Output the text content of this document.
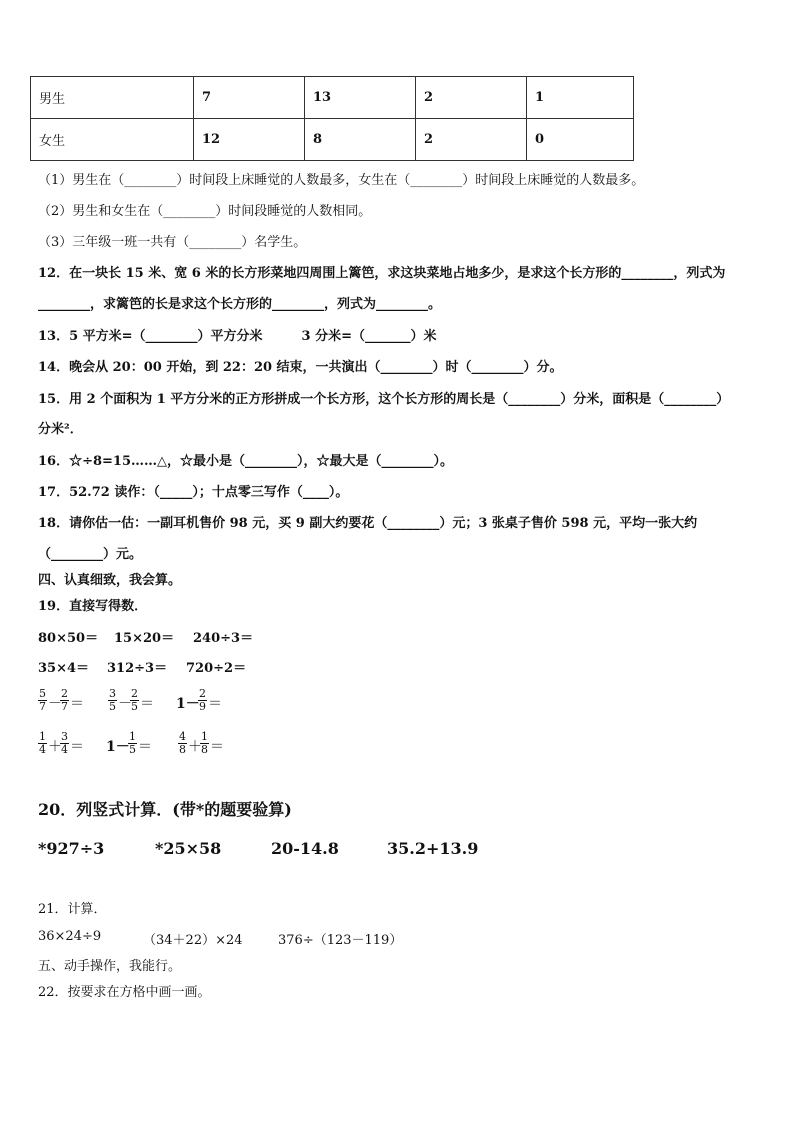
男生	7	13	2	1
女生	12	8	2	0
（1）男生在（________）时间段上床睡觉的人数最多，女生在（________）时间段上床睡觉的人数最多。
（2）男生和女生在（________）时间段睡觉的人数相同。
（3）三年级一班一共有（________）名学生。
12．在一块长 15 米、宽 6 米的长方形菜地四周围上篱笆，求这块菜地占地多少，是求这个长方形的________，列式为
________，求篱笆的长是求这个长方形的________，列式为________。
13．5 平方米=（________）平方分米　　　3 分米=（_______）米
14．晚会从 20：00 开始，到 22：20 结束，一共演出（________）时（________）分。
15．用 2 个面积为 1 平方分米的正方形拼成一个长方形，这个长方形的周长是（________）分米，面积是（________）
分米²．
16．☆÷8=15……△，☆最小是（________），☆最大是（________）。
17．52.72 读作：（_____）；十点零三写作（____）。
18．请你估一估：一副耳机售价 98 元，买 9 副大约要花（________）元；3 张桌子售价 598 元，平均一张大约
（________）元。
四、认真细致，我会算。
19．直接写得数．
80×50＝ 15×20＝ 240÷3＝
35×4＝ 312÷3＝ 720÷2＝
$\frac{5}{7}$ －
$\frac{2}{7} = \frac{3}{5}$ －
$\frac{2}{5} = 1-$
$\frac{2}{9}$ ＝
$\frac{1}{4}$ ＋
$\frac{3}{4} = 1-$
$\frac{1}{5} = \frac{4}{8}$ ＋
$\frac{1}{8}$ ＝
20．列竖式计算．(带*的题要验算)
*927÷3	*25×58	20-14.8	35.2+13.9
21．计算．
36×24÷9	（34＋22）×24	376÷（123－119）
五、动手操作，我能行。
22．按要求在方格中画一画。
